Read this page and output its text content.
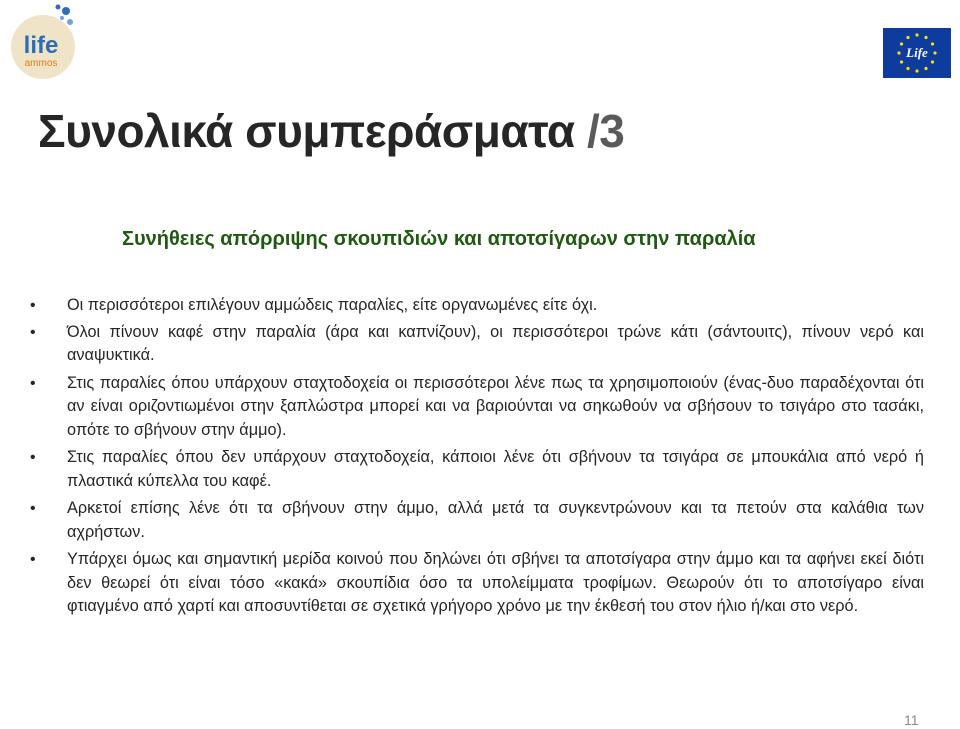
life
ammos
Life
Συνολικά συμπεράσματα /3
Συνήθειες απόρριψης σκουπιδιών και αποτσίγαρων στην παραλία
• Οι περισσότεροι επιλέγουν αμμώδεις παραλίες, είτε οργανωμένες είτε όχι.
• Όλοι πίνουν καφέ στην παραλία (άρα και καπνίζουν), οι περισσότεροι τρώνε κάτι (σάντουιτς), πίνουν νερό και αναψυκτικά.
• Στις παραλίες όπου υπάρχουν σταχτοδοχεία οι περισσότεροι λένε πως τα χρησιμοποιούν (ένας-δυο παραδέχονται ότι αν είναι οριζοντιωμένοι στην ξαπλώστρα μπορεί και να βαριούνται να σηκωθούν να σβήσουν το τσιγάρο στο τασάκι, οπότε το σβήνουν στην άμμο).
• Στις παραλίες όπου δεν υπάρχουν σταχτοδοχεία, κάποιοι λένε ότι σβήνουν τα τσιγάρα σε μπουκάλια από νερό ή πλαστικά κύπελλα του καφέ.
• Αρκετοί επίσης λένε ότι τα σβήνουν στην άμμο, αλλά μετά τα συγκεντρώνουν και τα πετούν στα καλάθια των αχρήστων.
• Υπάρχει όμως και σημαντική μερίδα κοινού που δηλώνει ότι σβήνει τα αποτσίγαρα στην άμμο και τα αφήνει εκεί διότι δεν θεωρεί ότι είναι τόσο «κακά» σκουπίδια όσο τα υπολείμματα τροφίμων. Θεωρούν ότι το αποτσίγαρο είναι φτιαγμένο από χαρτί και αποσυντίθεται σε σχετικά γρήγορο χρόνο με την έκθεσή του στον ήλιο ή/και στο νερό.
11
